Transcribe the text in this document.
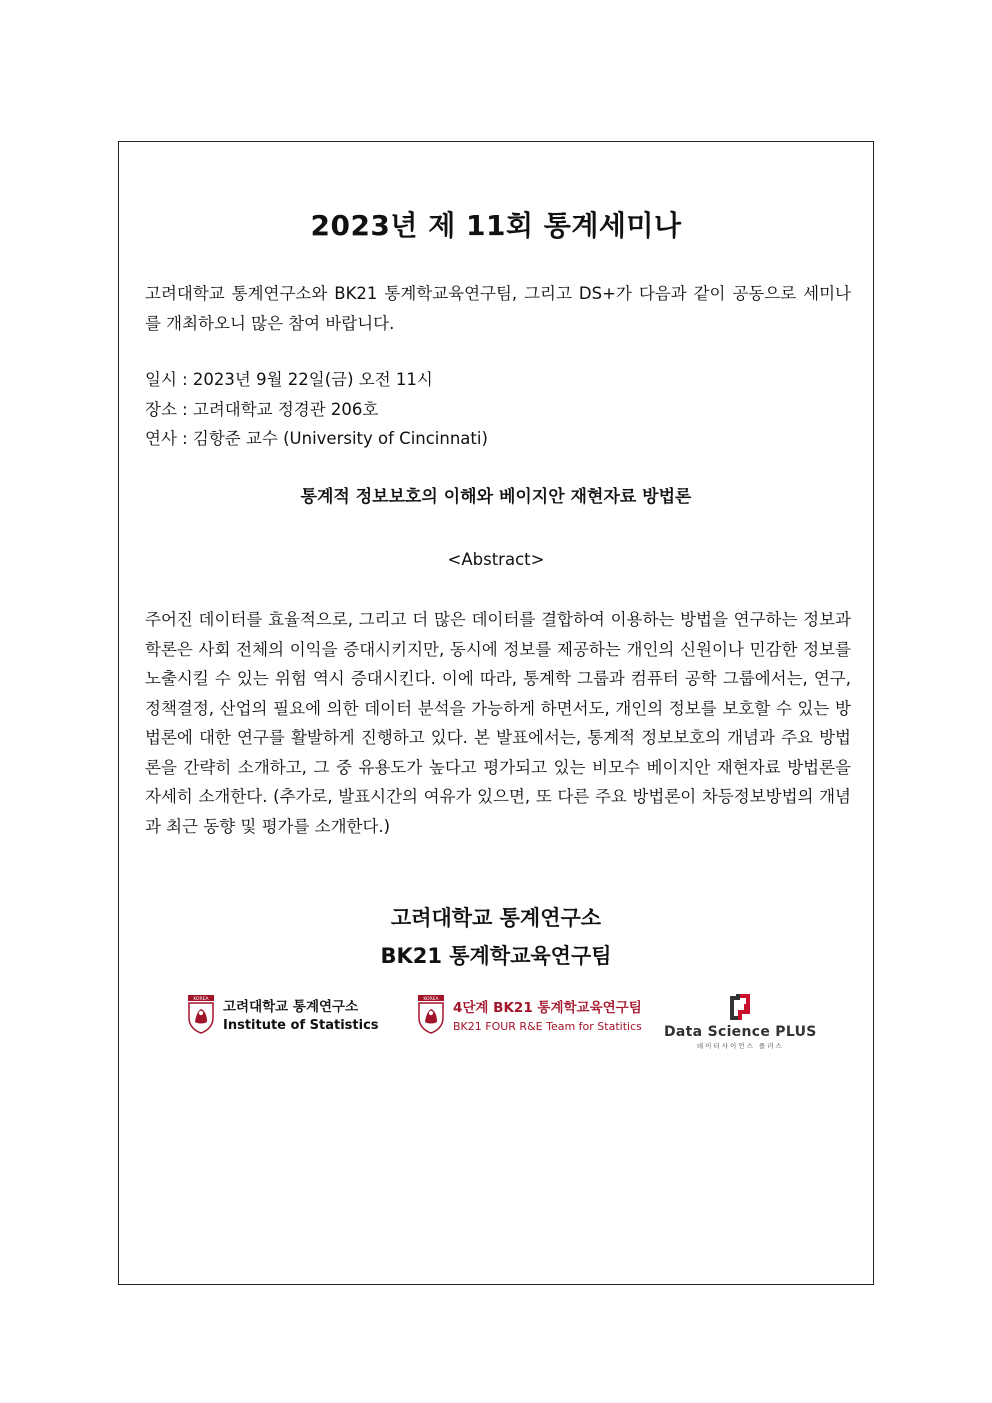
2023년 제 11회 통계세미나
고려대학교 통계연구소와 BK21 통계학교육연구팀, 그리고 DS+가 다음과 같이 공동으로 세미나를 개최하오니 많은 참여 바랍니다.
일시 : 2023년 9월 22일(금) 오전 11시
장소 : 고려대학교 정경관 206호
연사 : 김항준 교수 (University of Cincinnati)
통계적 정보보호의 이해와 베이지안 재현자료 방법론
<Abstract>
주어진 데이터를 효율적으로, 그리고 더 많은 데이터를 결합하여 이용하는 방법을 연구하는 정보과학론은 사회 전체의 이익을 증대시키지만, 동시에 정보를 제공하는 개인의 신원이나 민감한 정보를 노출시킬 수 있는 위험 역시 증대시킨다. 이에 따라, 통계학 그룹과 컴퓨터 공학 그룹에서는, 연구, 정책결정, 산업의 필요에 의한 데이터 분석을 가능하게 하면서도, 개인의 정보를 보호할 수 있는 방법론에 대한 연구를 활발하게 진행하고 있다. 본 발표에서는, 통계적 정보보호의 개념과 주요 방법론을 간략히 소개하고, 그 중 유용도가 높다고 평가되고 있는 비모수 베이지안 재현자료 방법론을 자세히 소개한다. (추가로, 발표시간의 여유가 있으면, 또 다른 주요 방법론이 차등정보방법의 개념과 최근 동향 및 평가를 소개한다.)
고려대학교 통계연구소
BK21 통계학교육연구팀
KOREA 고려대학교 통계연구소
Institute of Statistics
KOREA 4단계 BK21 통계학교육연구팀
BK21 FOUR R&E Team for Statitics Data Science PLUS
데이터사이언스 플러스
